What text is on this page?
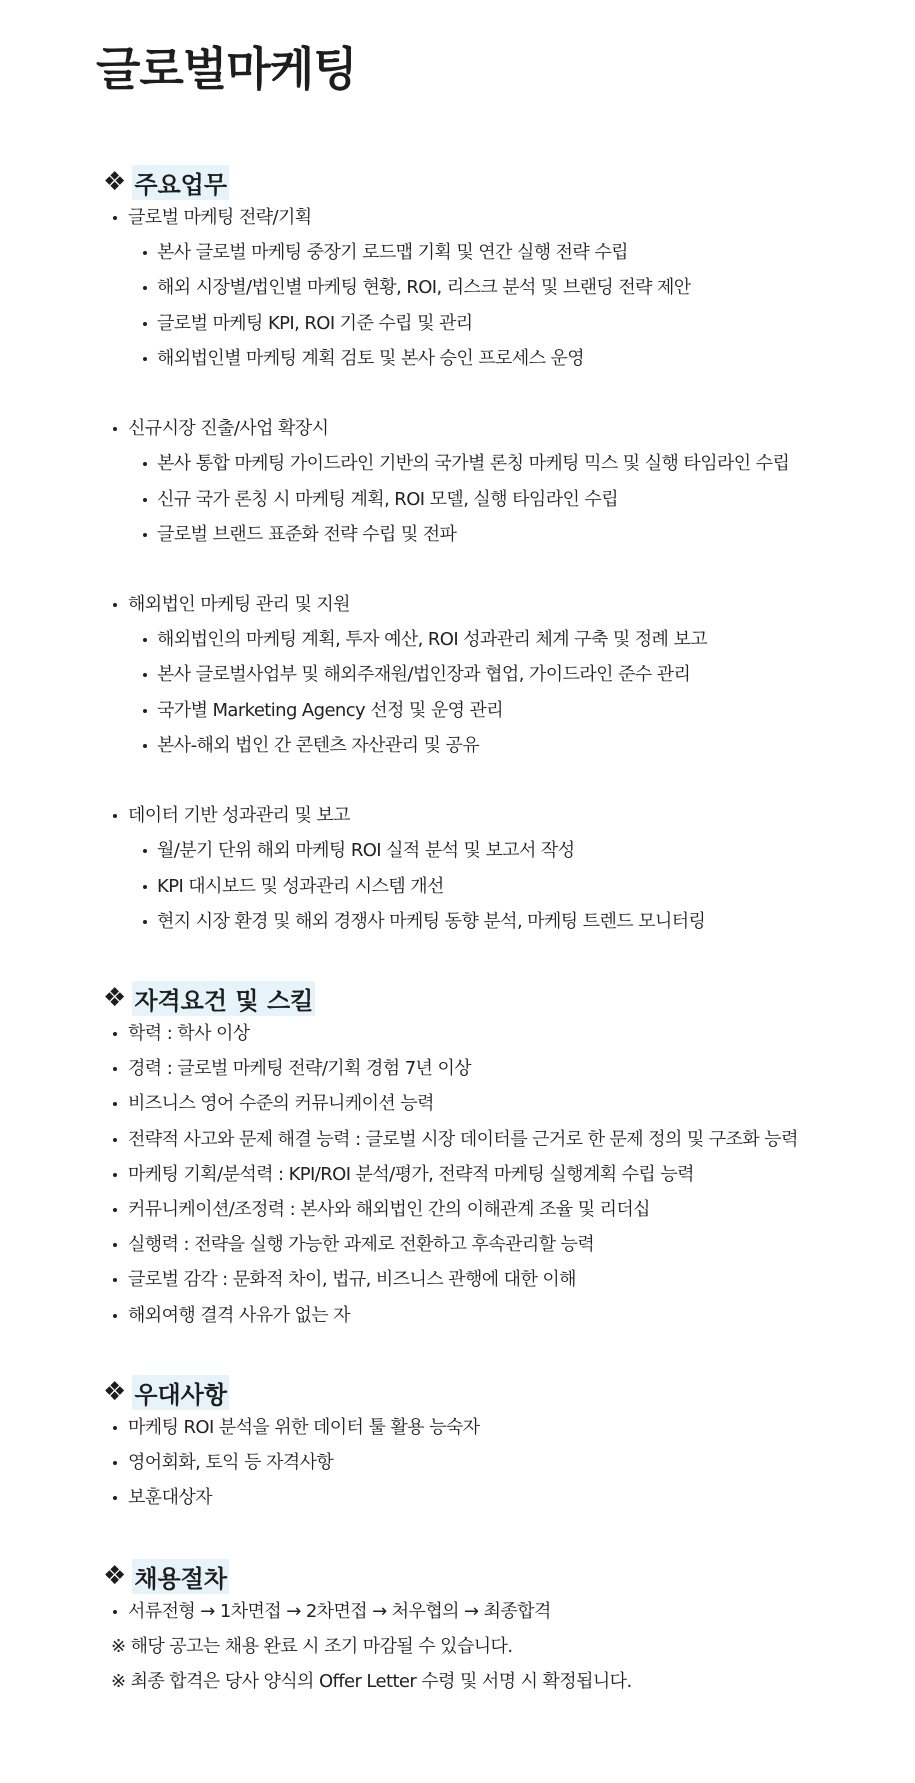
글로벌마케팅
❖ 주요업무
글로벌 마케팅 전략/기획
본사 글로벌 마케팅 중장기 로드맵 기획 및 연간 실행 전략 수립
해외 시장별/법인별 마케팅 현황, ROI, 리스크 분석 및 브랜딩 전략 제안
글로벌 마케팅 KPI, ROI 기준 수립 및 관리
해외법인별 마케팅 계획 검토 및 본사 승인 프로세스 운영
신규시장 진출/사업 확장시
본사 통합 마케팅 가이드라인 기반의 국가별 론칭 마케팅 믹스 및 실행 타임라인 수립
신규 국가 론칭 시 마케팅 계획, ROI 모델, 실행 타임라인 수립
글로벌 브랜드 표준화 전략 수립 및 전파
해외법인 마케팅 관리 및 지원
해외법인의 마케팅 계획, 투자 예산, ROI 성과관리 체계 구축 및 정례 보고
본사 글로벌사업부 및 해외주재원/법인장과 협업, 가이드라인 준수 관리
국가별 Marketing Agency 선정 및 운영 관리
본사-해외 법인 간 콘텐츠 자산관리 및 공유
데이터 기반 성과관리 및 보고
월/분기 단위 해외 마케팅 ROI 실적 분석 및 보고서 작성
KPI 대시보드 및 성과관리 시스템 개선
현지 시장 환경 및 해외 경쟁사 마케팅 동향 분석, 마케팅 트렌드 모니터링
❖ 자격요건 및 스킬
학력 : 학사 이상
경력 : 글로벌 마케팅 전략/기획 경험 7년 이상
비즈니스 영어 수준의 커뮤니케이션 능력
전략적 사고와 문제 해결 능력 : 글로벌 시장 데이터를 근거로 한 문제 정의 및 구조화 능력
마케팅 기획/분석력 : KPI/ROI 분석/평가, 전략적 마케팅 실행계획 수립 능력
커뮤니케이션/조정력 : 본사와 해외법인 간의 이해관계 조율 및 리더십
실행력 : 전략을 실행 가능한 과제로 전환하고 후속관리할 능력
글로벌 감각 : 문화적 차이, 법규, 비즈니스 관행에 대한 이해
해외여행 결격 사유가 없는 자
❖ 우대사항
마케팅 ROI 분석을 위한 데이터 툴 활용 능숙자
영어회화, 토익 등 자격사항
보훈대상자
❖ 채용절차
서류전형 → 1차면접 → 2차면접 → 처우협의 → 최종합격
※ 해당 공고는 채용 완료 시 조기 마감될 수 있습니다.
※ 최종 합격은 당사 양식의 Offer Letter 수령 및 서명 시 확정됩니다.
